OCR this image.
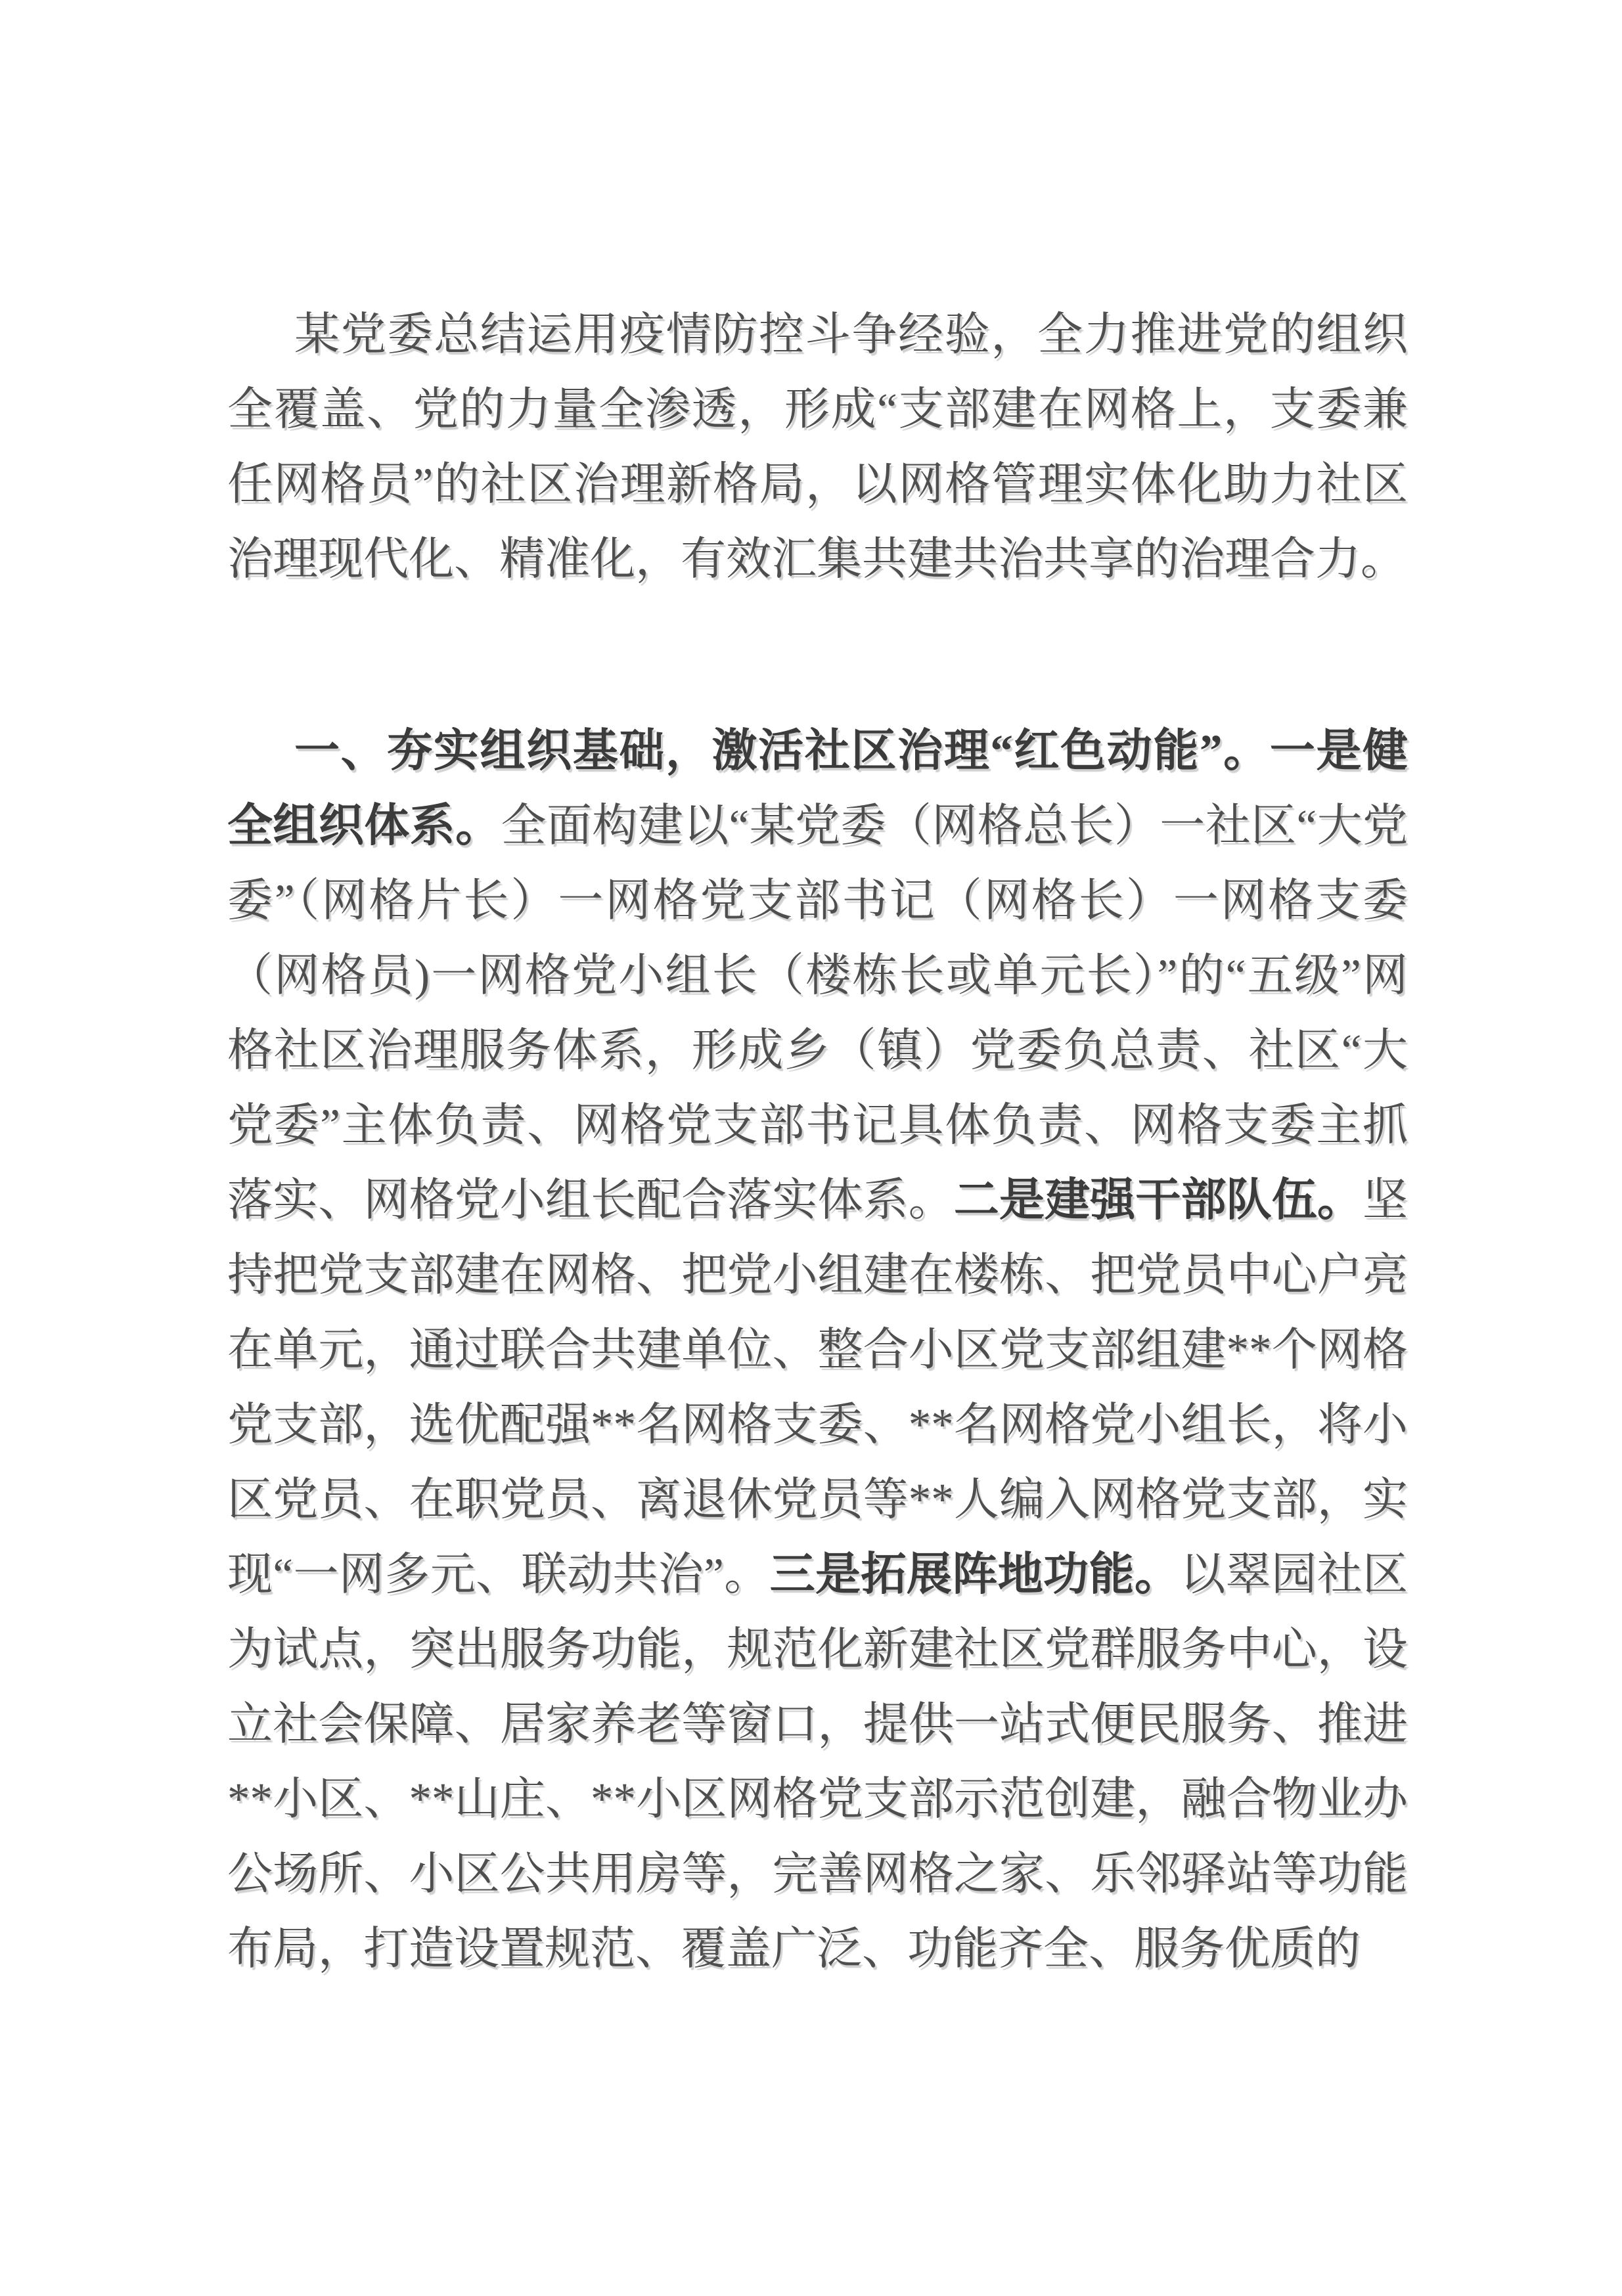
某党委总结运用疫情防控斗争经验，全力推进党的组织全覆盖、党的力量全渗透，形成“支部建在网格上，支委兼任网格员”的社区治理新格局，以网格管理实体化助力社区治理现代化、精准化，有效汇集共建共治共享的治理合力。

一、夯实组织基础，激活社区治理“红色动能”。一是健全组织体系。全面构建以“某党委（网格总长）一社区“大党委”（网格片长）一网格党支部书记（网格长）一网格支委（网格员)一网格党小组长（楼栋长或单元长）”的“五级”网格社区治理服务体系，形成乡（镇）党委负总责、社区“大党委”主体负责、网格党支部书记具体负责、网格支委主抓落实、网格党小组长配合落实体系。二是建强干部队伍。坚持把党支部建在网格、把党小组建在楼栋、把党员中心户亮在单元，通过联合共建单位、整合小区党支部组建**个网格党支部，选优配强**名网格支委、**名网格党小组长，将小区党员、在职党员、离退休党员等**人编入网格党支部，实现“一网多元、联动共治”。三是拓展阵地功能。以翠园社区为试点，突出服务功能，规范化新建社区党群服务中心，设立社会保障、居家养老等窗口，提供一站式便民服务、推进**小区、**山庄、**小区网格党支部示范创建，融合物业办公场所、小区公共用房等，完善网格之家、乐邻驿站等功能布局，打造设置规范、覆盖广泛、功能齐全、服务优质的
